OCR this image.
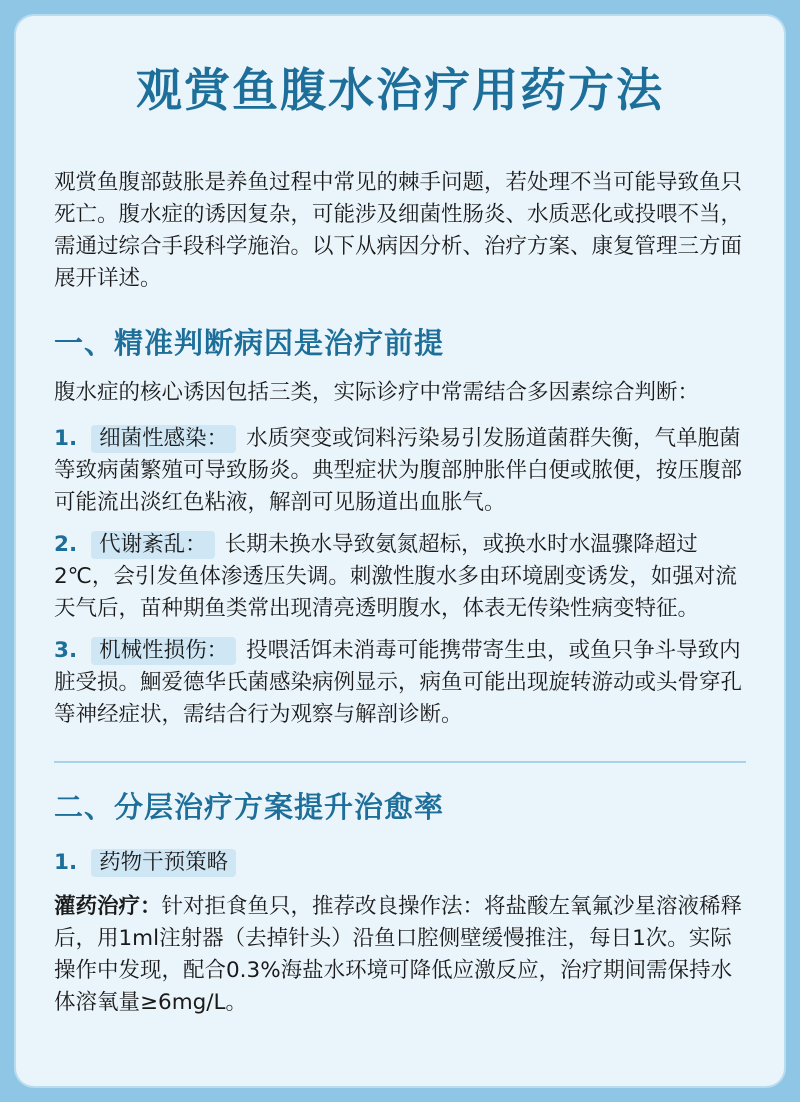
观赏鱼腹水治疗用药方法

观赏鱼腹部鼓胀是养鱼过程中常见的棘手问题，若处理不当可能导致鱼只死亡。腹水症的诱因复杂，可能涉及细菌性肠炎、水质恶化或投喂不当，需通过综合手段科学施治。以下从病因分析、治疗方案、康复管理三方面展开详述。

一、精准判断病因是治疗前提

腹水症的核心诱因包括三类，实际诊疗中常需结合多因素综合判断：

1. 细菌性感染： 水质突变或饲料污染易引发肠道菌群失衡，气单胞菌等致病菌繁殖可导致肠炎。典型症状为腹部肿胀伴白便或脓便，按压腹部可能流出淡红色粘液，解剖可见肠道出血胀气。
2. 代谢紊乱： 长期未换水导致氨氮超标，或换水时水温骤降超过2℃，会引发鱼体渗透压失调。刺激性腹水多由环境剧变诱发，如强对流天气后，苗种期鱼类常出现清亮透明腹水，体表无传染性病变特征。
3. 机械性损伤： 投喂活饵未消毒可能携带寄生虫，或鱼只争斗导致内脏受损。鮰爱德华氏菌感染病例显示，病鱼可能出现旋转游动或头骨穿孔等神经症状，需结合行为观察与解剖诊断。
二、分层治疗方案提升治愈率
1. 药物干预策略

灌药治疗：针对拒食鱼只，推荐改良操作法：将盐酸左氧氟沙星溶液稀释后，用1ml注射器（去掉针头）沿鱼口腔侧壁缓慢推注，每日1次。实际操作中发现，配合0.3%海盐水环境可降低应激反应，治疗期间需保持水体溶氧量≥6mg/L。
